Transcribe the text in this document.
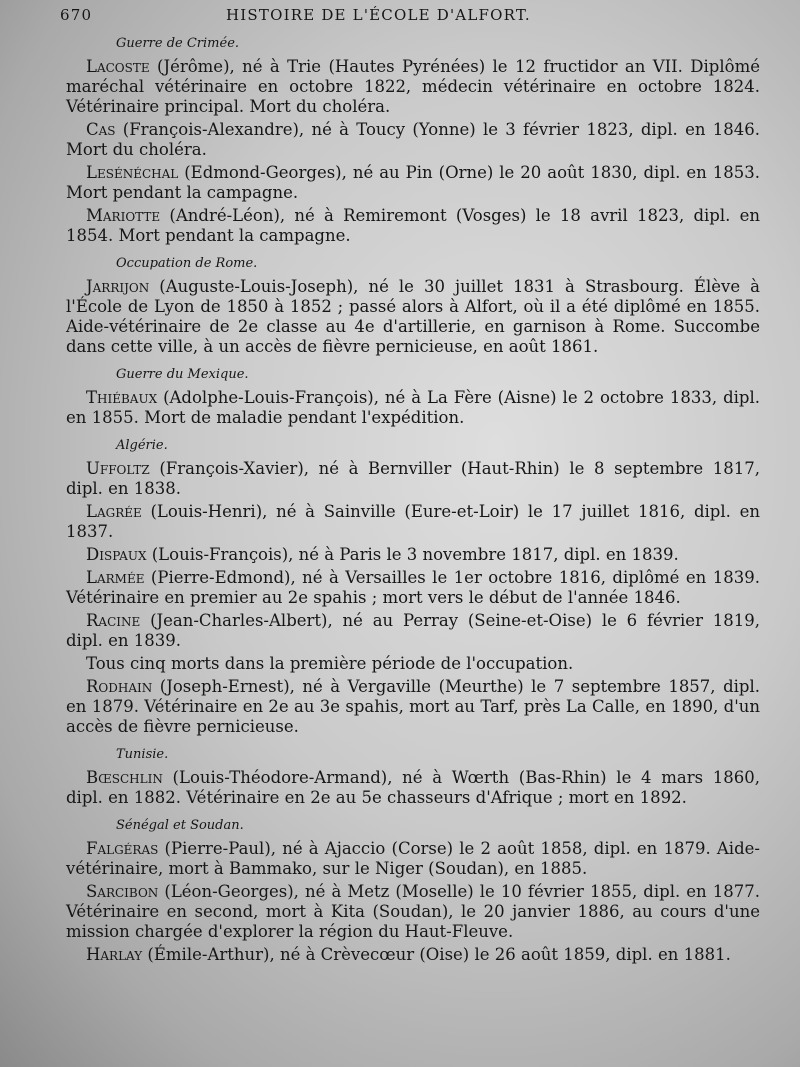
670	HISTOIRE DE L'ÉCOLE D'ALFORT.
Guerre de Crimée.

Lacoste (Jérôme), né à Trie (Hautes Pyrénées) le 12 fructidor an VII. Diplômé maréchal vétérinaire en octobre 1822, médecin vétérinaire en octobre 1824. Vétérinaire principal. Mort du choléra.

Cas (François-Alexandre), né à Toucy (Yonne) le 3 février 1823, dipl. en 1846. Mort du choléra.

Lesénéchal (Edmond-Georges), né au Pin (Orne) le 20 août 1830, dipl. en 1853. Mort pendant la campagne.

Mariotte (André-Léon), né à Remiremont (Vosges) le 18 avril 1823, dipl. en 1854. Mort pendant la campagne.

Occupation de Rome.

Jarrijon (Auguste-Louis-Joseph), né le 30 juillet 1831 à Strasbourg. Élève à l'École de Lyon de 1850 à 1852 ; passé alors à Alfort, où il a été diplômé en 1855. Aide-vétérinaire de 2e classe au 4e d'artillerie, en garnison à Rome. Succombe dans cette ville, à un accès de fièvre pernicieuse, en août 1861.

Guerre du Mexique.

Thiébaux (Adolphe-Louis-François), né à La Fère (Aisne) le 2 octobre 1833, dipl. en 1855. Mort de maladie pendant l'expédition.

Algérie.

Uffoltz (François-Xavier), né à Bernviller (Haut-Rhin) le 8 septembre 1817, dipl. en 1838.

Lagrée (Louis-Henri), né à Sainville (Eure-et-Loir) le 17 juillet 1816, dipl. en 1837.

Dispaux (Louis-François), né à Paris le 3 novembre 1817, dipl. en 1839.

Larmée (Pierre-Edmond), né à Versailles le 1er octobre 1816, diplômé en 1839. Vétérinaire en premier au 2e spahis ; mort vers le début de l'année 1846.

Racine (Jean-Charles-Albert), né au Perray (Seine-et-Oise) le 6 février 1819, dipl. en 1839.

Tous cinq morts dans la première période de l'occupation.

Rodhain (Joseph-Ernest), né à Vergaville (Meurthe) le 7 septembre 1857, dipl. en 1879. Vétérinaire en 2e au 3e spahis, mort au Tarf, près La Calle, en 1890, d'un accès de fièvre pernicieuse.

Tunisie.

Bœschlin (Louis-Théodore-Armand), né à Wœrth (Bas-Rhin) le 4 mars 1860, dipl. en 1882. Vétérinaire en 2e au 5e chasseurs d'Afrique ; mort en 1892.

Sénégal et Soudan.

Falgéras (Pierre-Paul), né à Ajaccio (Corse) le 2 août 1858, dipl. en 1879. Aide-vétérinaire, mort à Bammako, sur le Niger (Soudan), en 1885.

Sarcibon (Léon-Georges), né à Metz (Moselle) le 10 février 1855, dipl. en 1877. Vétérinaire en second, mort à Kita (Soudan), le 20 janvier 1886, au cours d'une mission chargée d'explorer la région du Haut-Fleuve.

Harlay (Émile-Arthur), né à Crèvecœur (Oise) le 26 août 1859, dipl. en 1881.
